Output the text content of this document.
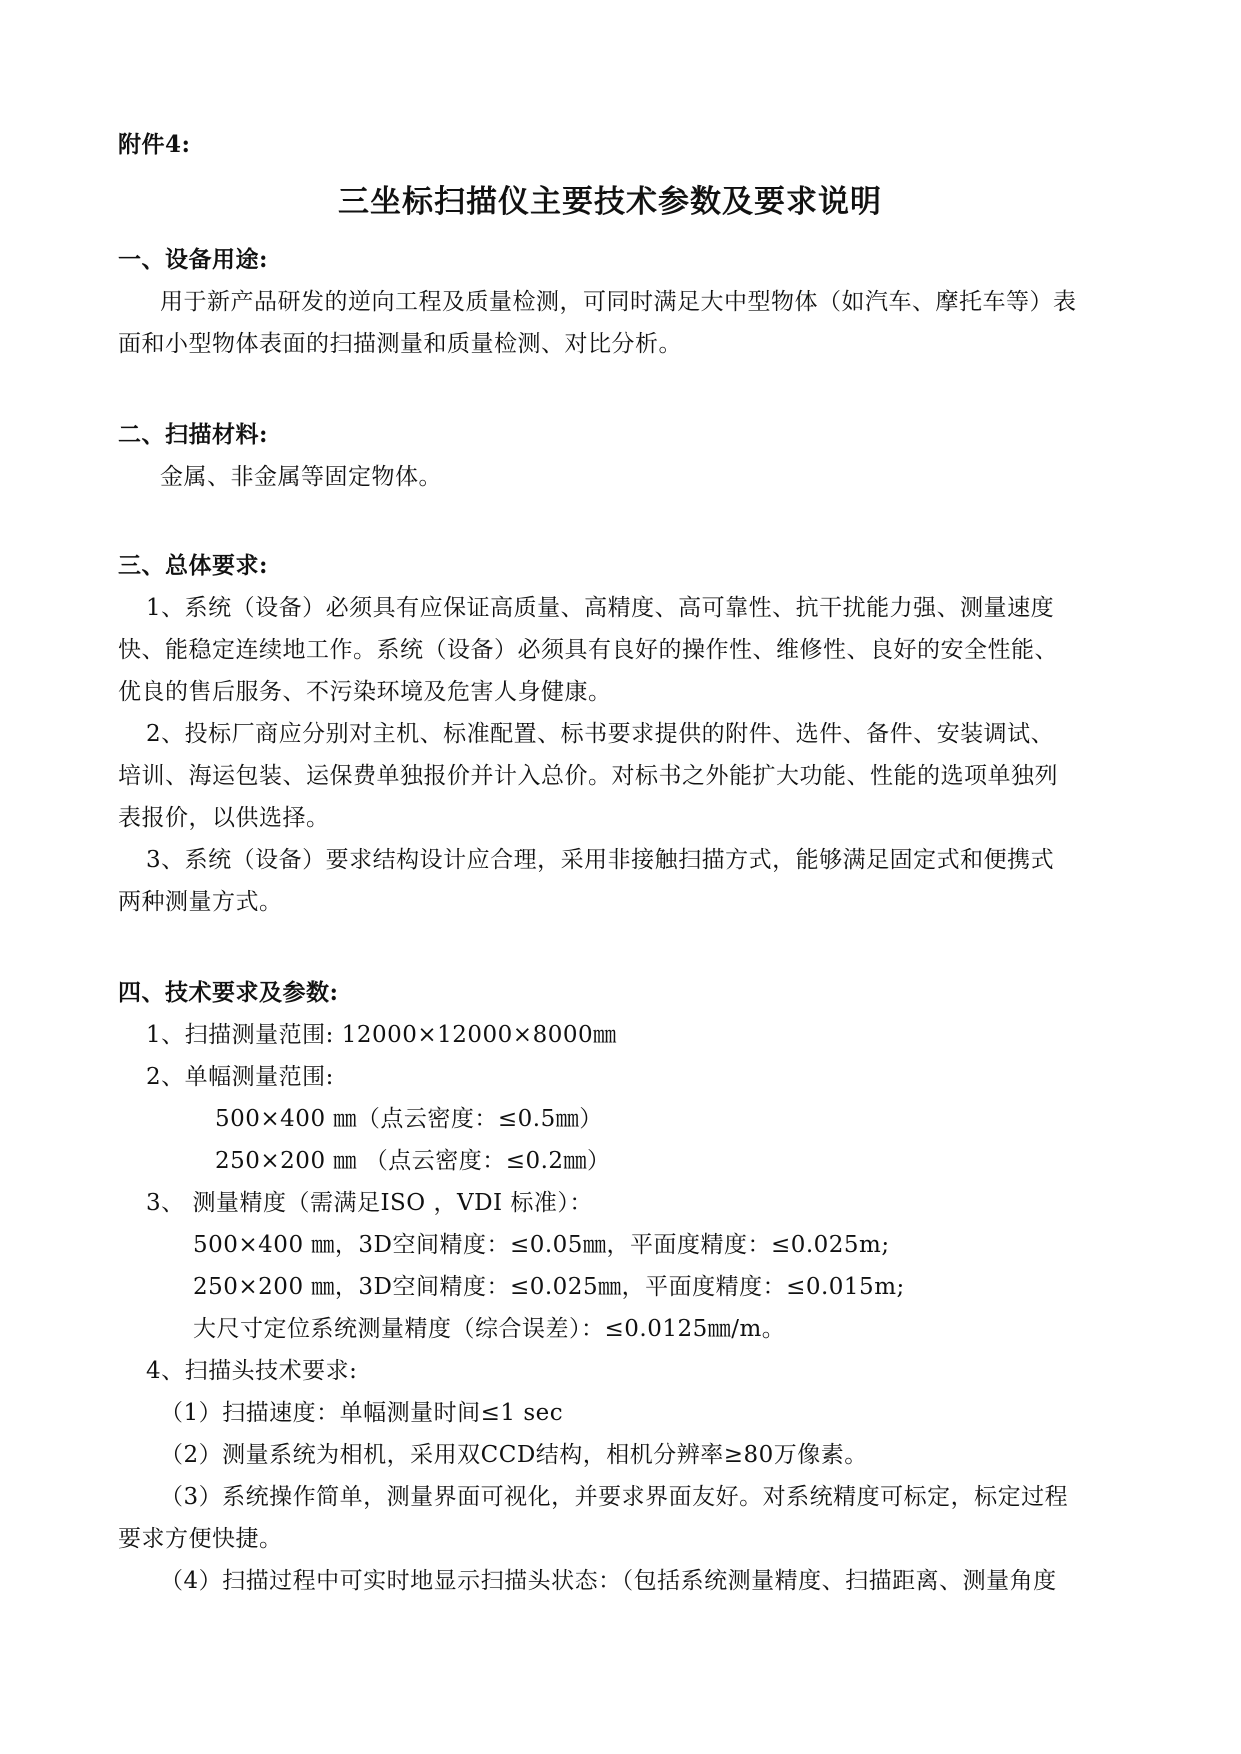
附件4:
三坐标扫描仪主要技术参数及要求说明
一、设备用途:
用于新产品研发的逆向工程及质量检测，可同时满足大中型物体（如汽车、摩托车等）表
面和小型物体表面的扫描测量和质量检测、对比分析。
二、扫描材料:
金属、非金属等固定物体。
三、总体要求:
1、系统（设备）必须具有应保证高质量、高精度、高可靠性、抗干扰能力强、测量速度
快、能稳定连续地工作。系统（设备）必须具有良好的操作性、维修性、良好的安全性能、
优良的售后服务、不污染环境及危害人身健康。
2、投标厂商应分别对主机、标准配置、标书要求提供的附件、选件、备件、安装调试、
培训、海运包装、运保费单独报价并计入总价。对标书之外能扩大功能、性能的选项单独列
表报价，以供选择。
3、系统（设备）要求结构设计应合理，采用非接触扫描方式，能够满足固定式和便携式
两种测量方式。
四、技术要求及参数:
1、扫描测量范围: 12000×12000×8000㎜
2、单幅测量范围:
500×400 ㎜（点云密度：≤0.5㎜）
250×200 ㎜ （点云密度：≤0.2㎜）
3、 测量精度（需满足ISO ，VDI 标准）：
500×400 ㎜，3D空间精度：≤0.05㎜，平面度精度：≤0.025m;
250×200 ㎜，3D空间精度：≤0.025㎜，平面度精度：≤0.015m;
大尺寸定位系统测量精度（综合误差）：≤0.0125㎜/m。
4、扫描头技术要求:
（1）扫描速度：单幅测量时间≤1 sec
（2）测量系统为相机，采用双CCD结构，相机分辨率≥80万像素。
（3）系统操作简单，测量界面可视化，并要求界面友好。对系统精度可标定，标定过程
要求方便快捷。
（4）扫描过程中可实时地显示扫描头状态：（包括系统测量精度、扫描距离、测量角度
